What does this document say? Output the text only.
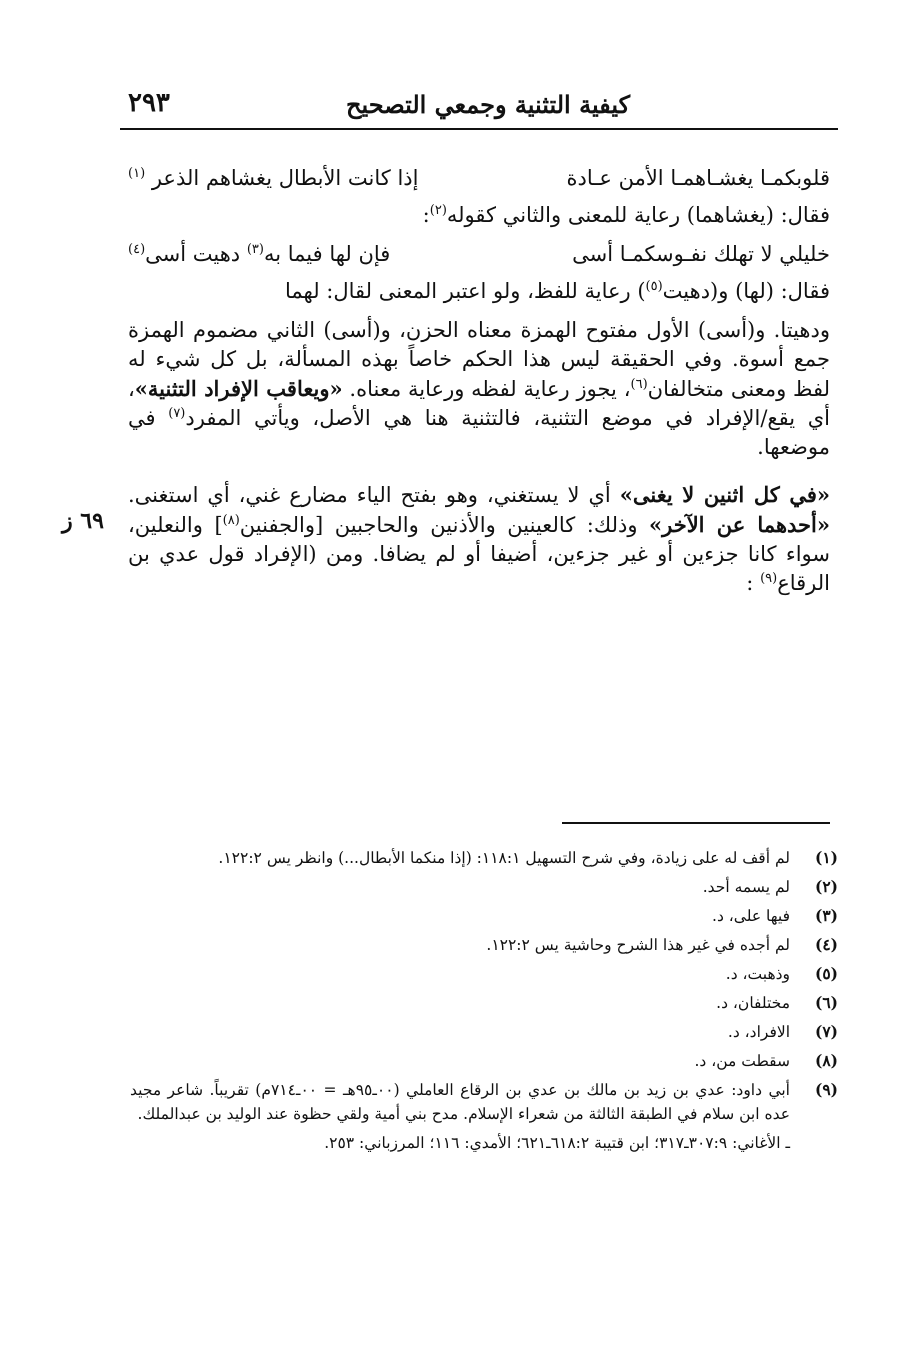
كيفية التثنية وجمعي التصحيح
٢٩٣
٦٩ ز
قلوبكمـا يغشـاهمـا الأمن عـادة
إذا كانت الأبطال يغشاهم الذعر $^{(١)}$

فقال: (يغشاهما) رعاية للمعنى والثاني كقوله$^{(٢)}$:

خليلي لا تهلك نفـوسكمـا أسى
فإن لها فيما به$^{(٣)}$ دهيت أسى$^{(٤)}$

فقال: (لها) و(دهيت$^{(٥)}$) رعاية للفظ، ولو اعتبر المعنى لقال: لهما

ودهيتا. و(أسى) الأول مفتوح الهمزة معناه الحزن، و(أسى) الثاني مضموم الهمزة جمع أسوة. وفي الحقيقة ليس هذا الحكم خاصاً بهذه المسألة، بل كل شيء له لفظ ومعنى متخالفان$^{(٦)}$، يجوز رعاية لفظه ورعاية معناه. «ويعاقب الإفراد التثنية»، أي يقع/الإفراد في موضع التثنية، فالتثنية هنا هي الأصل، ويأتي المفرد$^{(٧)}$ في موضعها.

«في كل اثنين لا يغنى» أي لا يستغني، وهو بفتح الياء مضارع غني، أي استغنى. «أحدهما عن الآخر» وذلك: كالعينين والأذنين والحاجبين [والجفنين$^{(٨)}$] والنعلين، سواء كانا جزءين أو غير جزءين، أضيفا أو لم يضافا. ومن (الإفراد قول عدي بن الرقاع$^{(٩)}$ :

(١)
لم أقف له على زيادة، وفي شرح التسهيل ١١٨:١: (إذا منكما الأبطال...) وانظر يس ١٢٢:٢.
(٢)
لم يسمه أحد.
(٣)
فيها على، د.
(٤)
لم أجده في غير هذا الشرح وحاشية يس ١٢٢:٢.
(٥)
وذهبت، د.
(٦)
مختلفان، د.
(٧)
الافراد، د.
(٨)
سقطت من، د.
(٩)
أبي داود: عدي بن زيد بن مالك بن عدي بن الرقاع العاملي (٠٠ـ٩٥هـ = ٠٠ـ٧١٤م) تقريباً. شاعر مجيد عده ابن سلام في الطبقة الثالثة من شعراء الإسلام. مدح بني أمية ولقي حظوة عند الوليد بن عبدالملك.
ـ الأغاني: ٣٠٧:٩ـ٣١٧؛ ابن قتيبة ٦١٨:٢ـ٦٢١؛ الأمدي: ١١٦؛ المرزباني: ٢٥٣.
